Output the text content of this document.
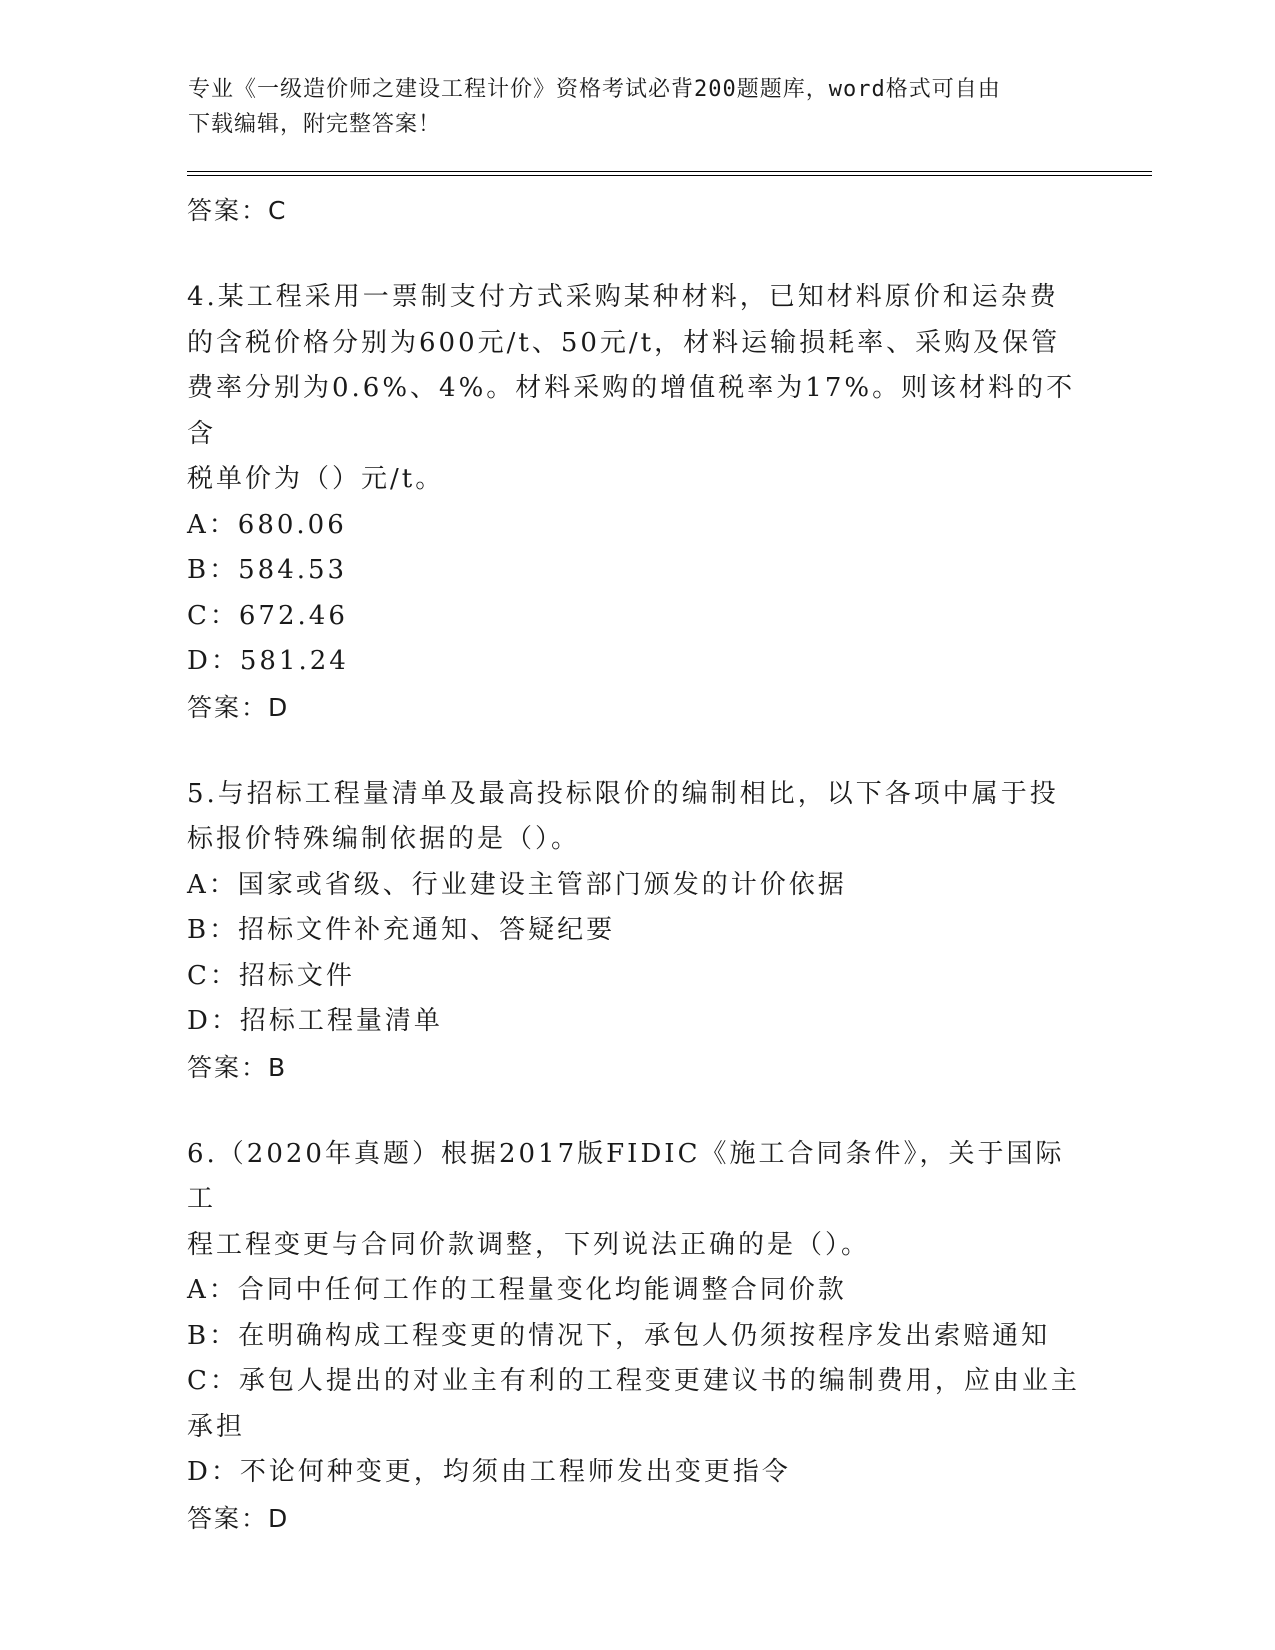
专业《一级造价师之建设工程计价》资格考试必背200题题库，word格式可自由
下载编辑，附完整答案！
答案：C
4.某工程采用一票制支付方式采购某种材料，已知材料原价和运杂费
的含税价格分别为600元/t、50元/t，材料运输损耗率、采购及保管
费率分别为0.6%、4%。材料采购的增值税率为17%。则该材料的不含
税单价为（）元/t。
A：680.06
B：584.53
C：672.46
D：581.24
答案：D
5.与招标工程量清单及最高投标限价的编制相比，以下各项中属于投
标报价特殊编制依据的是（）。
A：国家或省级、行业建设主管部门颁发的计价依据
B：招标文件补充通知、答疑纪要
C：招标文件
D：招标工程量清单
答案：B
6.（2020年真题）根据2017版FIDIC《施工合同条件》，关于国际工
程工程变更与合同价款调整，下列说法正确的是（）。
A：合同中任何工作的工程量变化均能调整合同价款
B：在明确构成工程变更的情况下，承包人仍须按程序发出索赔通知
C：承包人提出的对业主有利的工程变更建议书的编制费用，应由业主
承担
D：不论何种变更，均须由工程师发出变更指令
答案：D
